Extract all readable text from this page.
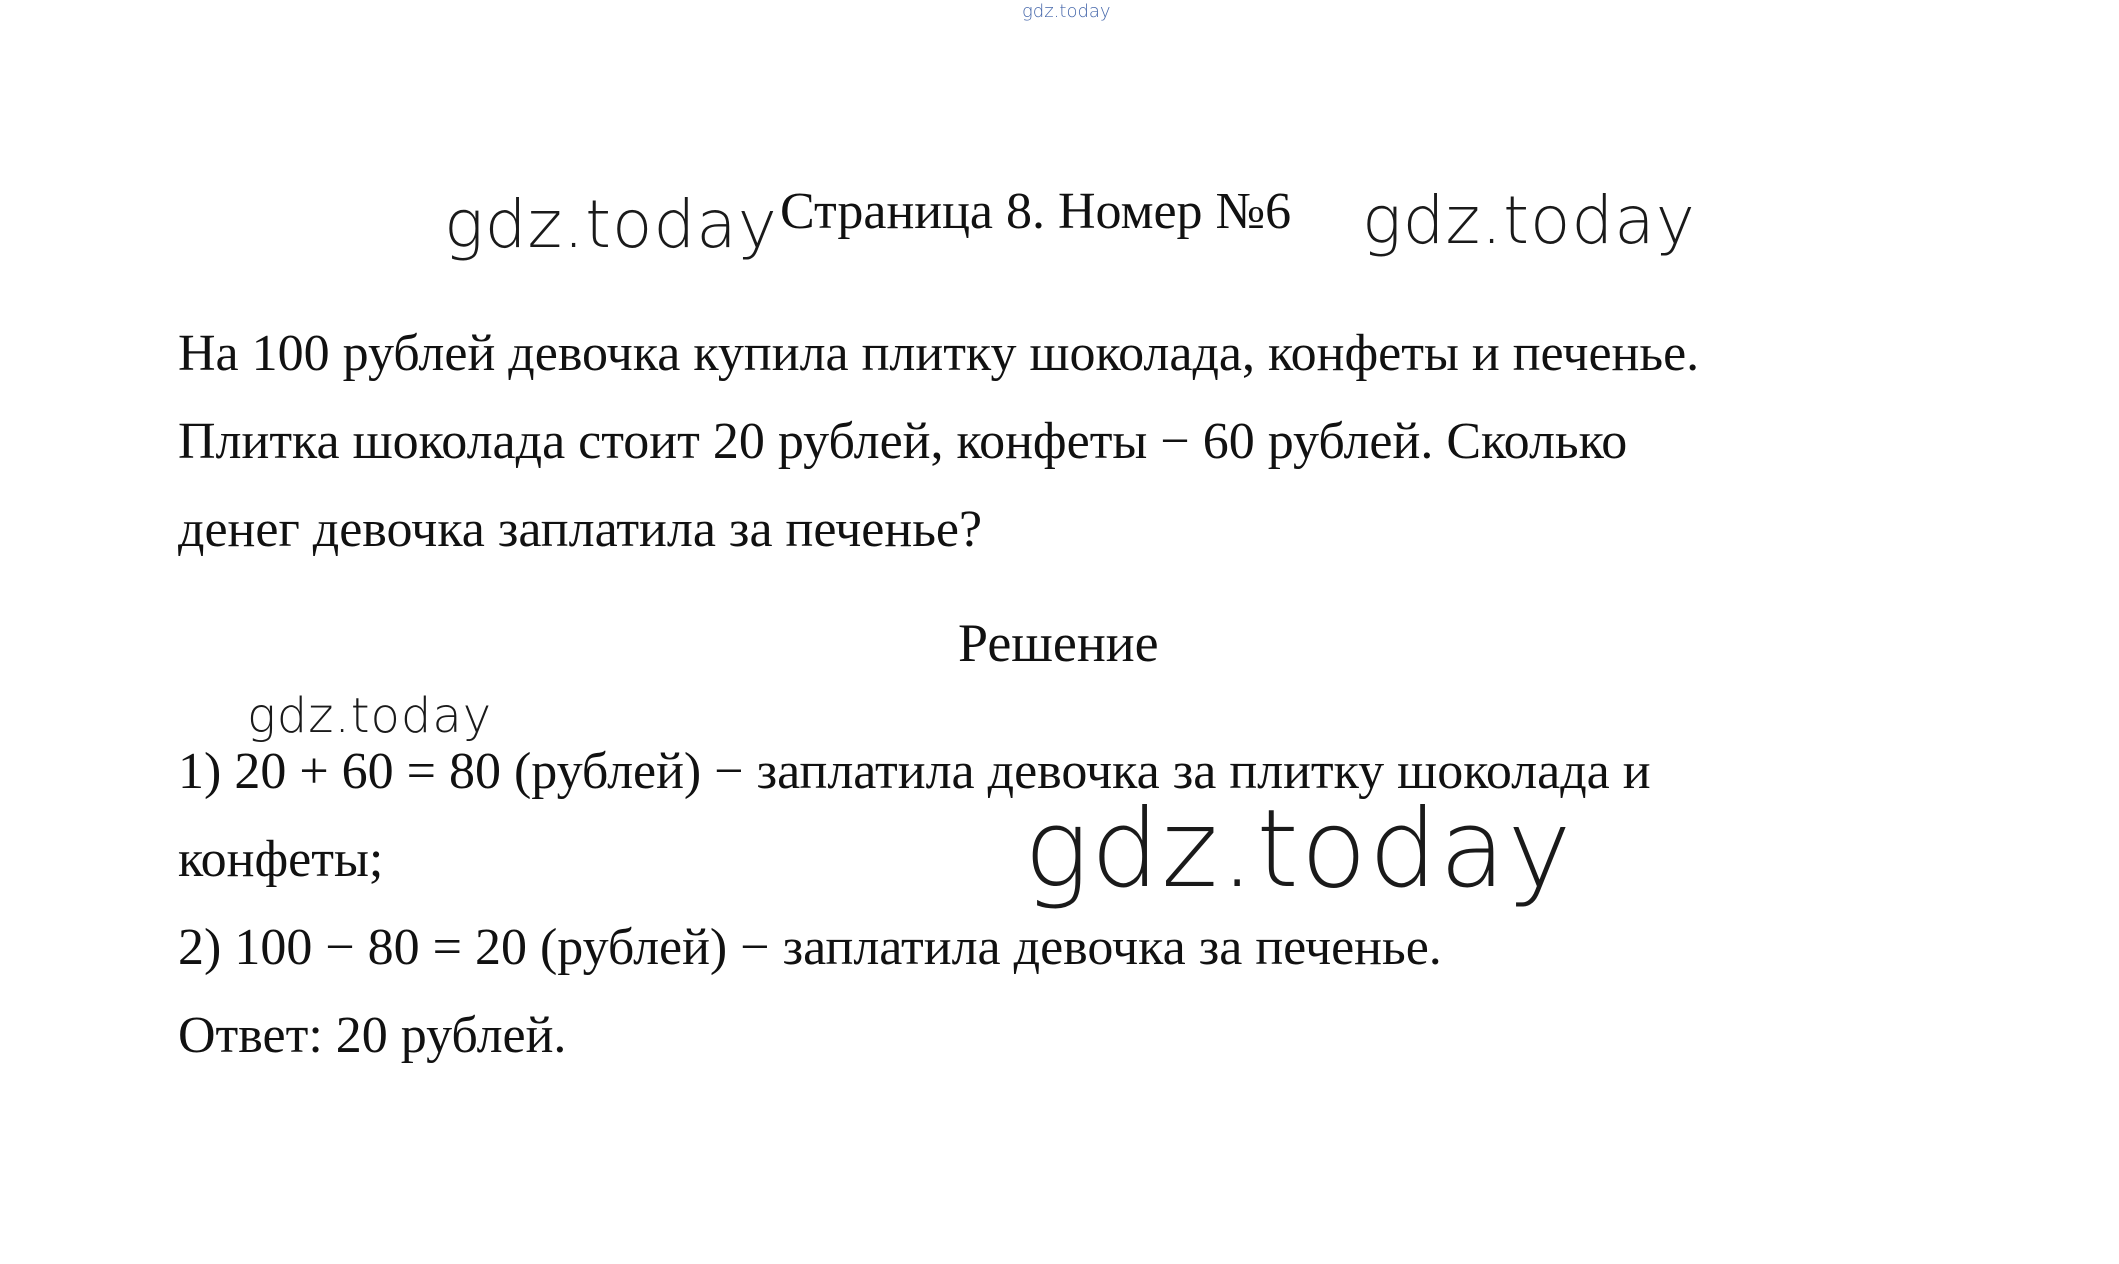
gdz.today
gdz.today Страница 8. Номер №6 gdz.today
На 100 рублей девочка купила плитку шоколада, конфеты и печенье.
Плитка шоколада стоит 20 рублей, конфеты − 60 рублей. Сколько
денег девочка заплатила за печенье?
Решение
gdz.today
1) 20 + 60 = 80 (рублей) − заплатила девочка за плитку шоколада и
конфеты;
2) 100 − 80 = 20 (рублей) − заплатила девочка за печенье.
Ответ: 20 рублей.
gdz.today
